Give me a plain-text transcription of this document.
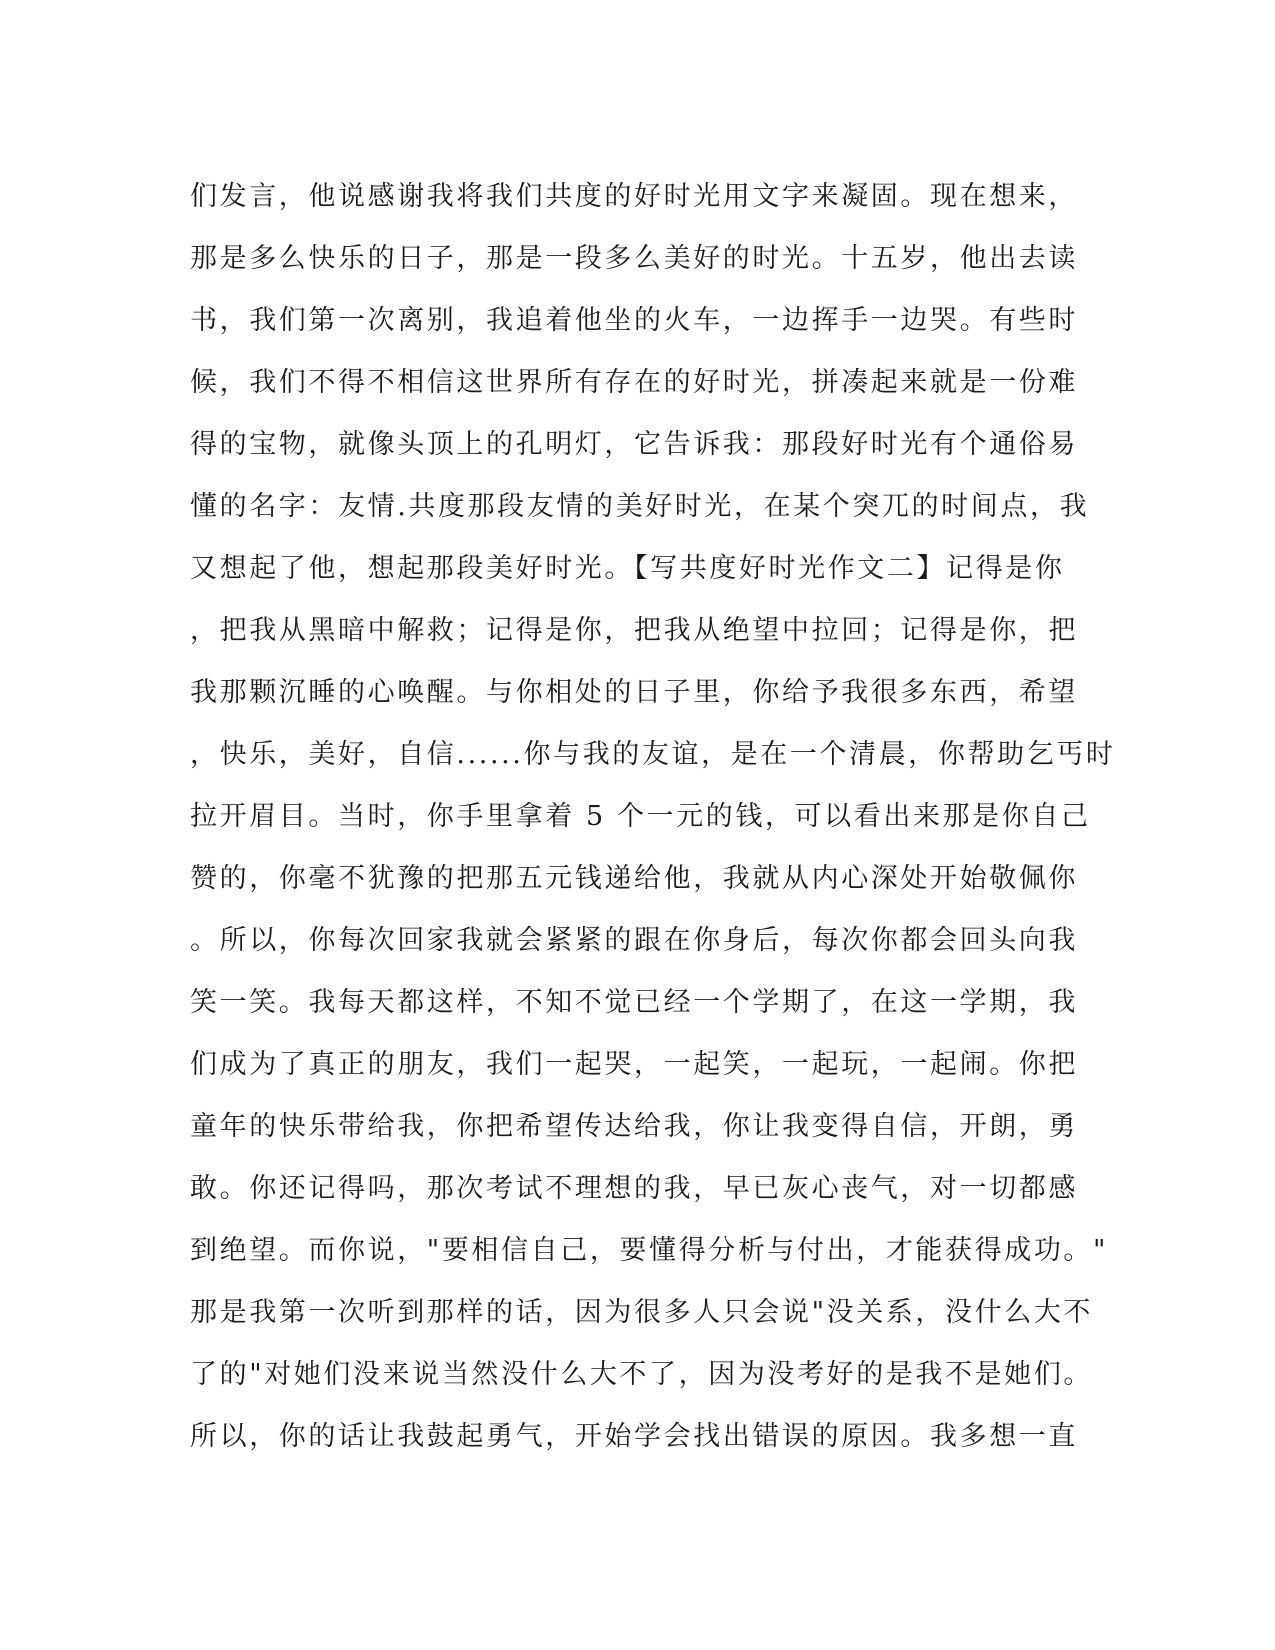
们发言，他说感谢我将我们共度的好时光用文字来凝固。现在想来，
那是多么快乐的日子，那是一段多么美好的时光。十五岁，他出去读
书，我们第一次离别，我追着他坐的火车，一边挥手一边哭。有些时
候，我们不得不相信这世界所有存在的好时光，拼凑起来就是一份难
得的宝物，就像头顶上的孔明灯，它告诉我：那段好时光有个通俗易
懂的名字：友情.共度那段友情的美好时光，在某个突兀的时间点，我
又想起了他，想起那段美好时光。【写共度好时光作文二】记得是你
，把我从黑暗中解救；记得是你，把我从绝望中拉回；记得是你，把
我那颗沉睡的心唤醒。与你相处的日子里，你给予我很多东西，希望
，快乐，美好，自信......你与我的友谊，是在一个清晨，你帮助乞丐时
拉开眉目。当时，你手里拿着 5 个一元的钱，可以看出来那是你自己
赞的，你毫不犹豫的把那五元钱递给他，我就从内心深处开始敬佩你
。所以，你每次回家我就会紧紧的跟在你身后，每次你都会回头向我
笑一笑。我每天都这样，不知不觉已经一个学期了，在这一学期，我
们成为了真正的朋友，我们一起哭，一起笑，一起玩，一起闹。你把
童年的快乐带给我，你把希望传达给我，你让我变得自信，开朗，勇
敢。你还记得吗，那次考试不理想的我，早已灰心丧气，对一切都感
到绝望。而你说，"要相信自己，要懂得分析与付出，才能获得成功。"
那是我第一次听到那样的话，因为很多人只会说"没关系，没什么大不
了的"对她们没来说当然没什么大不了，因为没考好的是我不是她们。
所以，你的话让我鼓起勇气，开始学会找出错误的原因。我多想一直
